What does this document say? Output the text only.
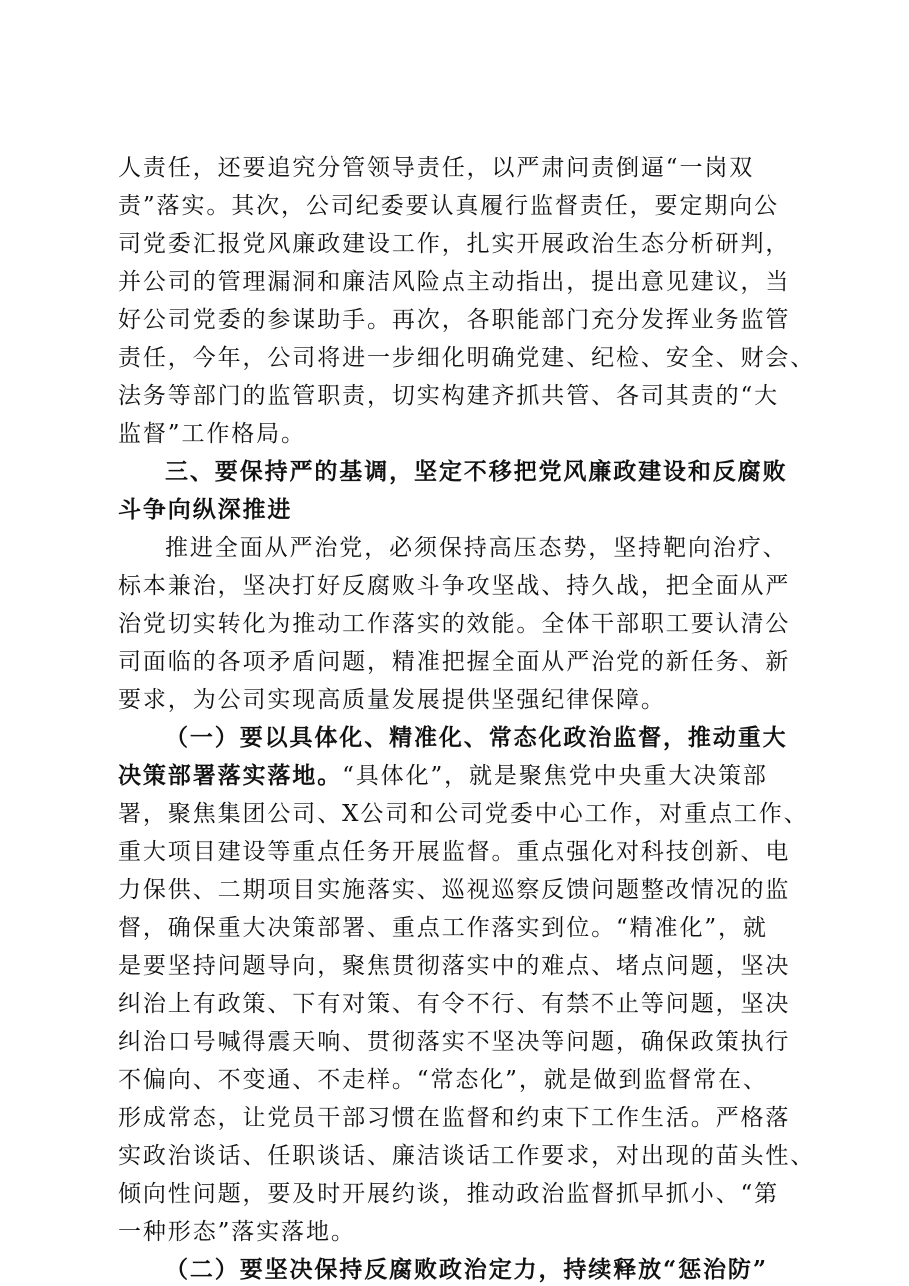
人责任，还要追究分管领导责任，以严肃问责倒逼“一岗双
责”落实。其次，公司纪委要认真履行监督责任，要定期向公
司党委汇报党风廉政建设工作，扎实开展政治生态分析研判，
并公司的管理漏洞和廉洁风险点主动指出，提出意见建议，当
好公司党委的参谋助手。再次，各职能部门充分发挥业务监管
责任，今年，公司将进一步细化明确党建、纪检、安全、财会、
法务等部门的监管职责，切实构建齐抓共管、各司其责的“大
监督”工作格局。
三、要保持严的基调，坚定不移把党风廉政建设和反腐败
斗争向纵深推进
推进全面从严治党，必须保持高压态势，坚持靶向治疗、
标本兼治，坚决打好反腐败斗争攻坚战、持久战，把全面从严
治党切实转化为推动工作落实的效能。全体干部职工要认清公
司面临的各项矛盾问题，精准把握全面从严治党的新任务、新
要求，为公司实现高质量发展提供坚强纪律保障。
（一）要以具体化、精准化、常态化政治监督，推动重大
决策部署落实落地。“具体化”，就是聚焦党中央重大决策部
署，聚焦集团公司、X公司和公司党委中心工作，对重点工作、
重大项目建设等重点任务开展监督。重点强化对科技创新、电
力保供、二期项目实施落实、巡视巡察反馈问题整改情况的监
督，确保重大决策部署、重点工作落实到位。“精准化”，就
是要坚持问题导向，聚焦贯彻落实中的难点、堵点问题，坚决
纠治上有政策、下有对策、有令不行、有禁不止等问题，坚决
纠治口号喊得震天响、贯彻落实不坚决等问题，确保政策执行
不偏向、不变通、不走样。“常态化”，就是做到监督常在、
形成常态，让党员干部习惯在监督和约束下工作生活。严格落
实政治谈话、任职谈话、廉洁谈话工作要求，对出现的苗头性、
倾向性问题，要及时开展约谈，推动政治监督抓早抓小、“第
一种形态”落实落地。
（二）要坚决保持反腐败政治定力，持续释放“惩治防”
